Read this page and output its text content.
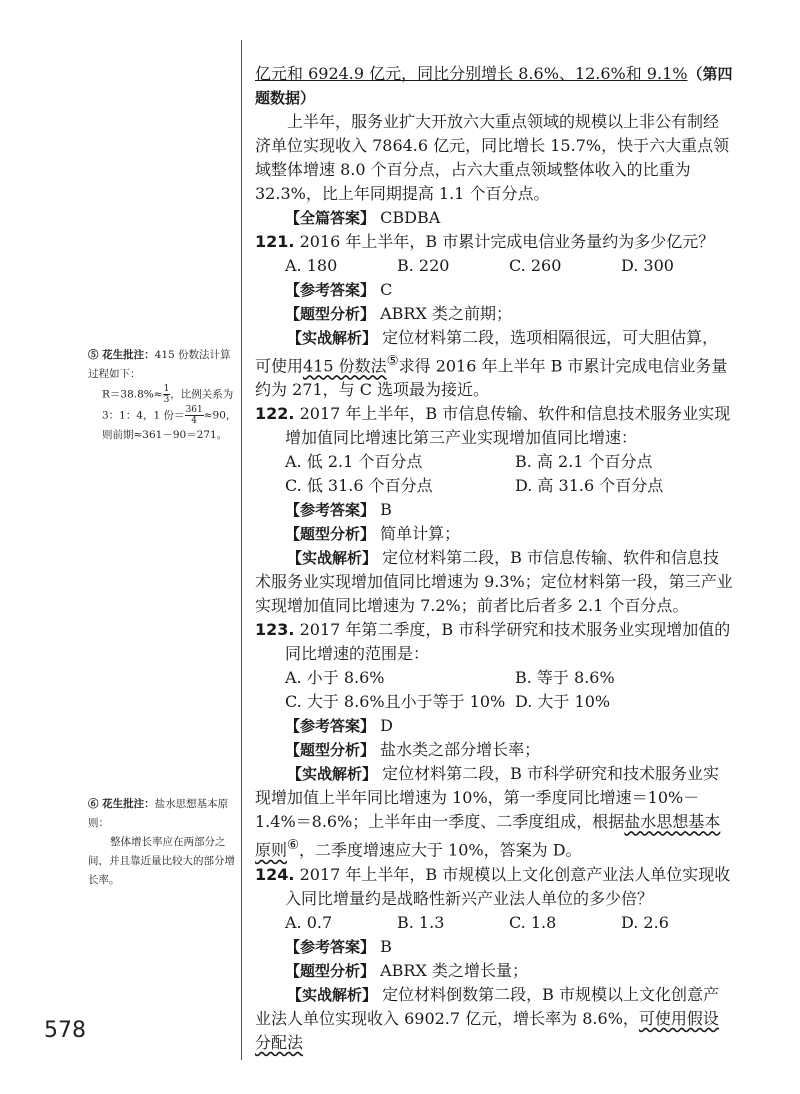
⑤ 花生批注：415 份数法计算过程如下：
$R=38.8\%\approx \frac{1}{3}$ ，比例关系为 3：1：4，1 份＝ $\frac{361}{4} \approx 90$，则前期≈361－90＝271。
⑥ 花生批注：盐水思想基本原则：
整体增长率应在两部分之间，并且靠近量比较大的部分增长率。

亿元和 6924.9 亿元，同比分别增长 8.6%、12.6%和 9.1%（第四题数据）

上半年，服务业扩大开放六大重点领域的规模以上非公有制经济单位实现收入 7864.6 亿元，同比增长 15.7%，快于六大重点领域整体增速 8.0 个百分点，占六大重点领域整体收入的比重为 32.3%，比上年同期提高 1.1 个百分点。

【全篇答案】 CBDBA

121. 2016 年上半年，B 市累计完成电信业务量约为多少亿元？

A. 180	B. 220	C. 260	D. 300

【参考答案】 C

【题型分析】 ABRX 类之前期；

【实战解析】 定位材料第二段，选项相隔很远，可大胆估算，可使用415 份数法⑤求得 2016 年上半年 B 市累计完成电信业务量约为 271，与 C 选项最为接近。

122. 2017 年上半年，B 市信息传输、软件和信息技术服务业实现增加值同比增速比第三产业实现增加值同比增速：

A. 低 2.1 个百分点	B. 高 2.1 个百分点
C. 低 31.6 个百分点	D. 高 31.6 个百分点

【参考答案】 B

【题型分析】 简单计算；

【实战解析】 定位材料第二段，B 市信息传输、软件和信息技术服务业实现增加值同比增速为 9.3%；定位材料第一段，第三产业实现增加值同比增速为 7.2%；前者比后者多 2.1 个百分点。

123. 2017 年第二季度，B 市科学研究和技术服务业实现增加值的同比增速的范围是：

A. 小于 8.6%	B. 等于 8.6%
C. 大于 8.6%且小于等于 10% D. 大于 10%

【参考答案】 D

【题型分析】 盐水类之部分增长率；

【实战解析】 定位材料第二段，B 市科学研究和技术服务业实现增加值上半年同比增速为 10%，第一季度同比增速＝10%－1.4%＝8.6%；上半年由一季度、二季度组成，根据盐水思想基本原则⑥，二季度增速应大于 10%，答案为 D。

124. 2017 年上半年，B 市规模以上文化创意产业法人单位实现收入同比增量约是战略性新兴产业法人单位的多少倍？

A. 0.7	B. 1.3	C. 1.8	D. 2.6

【参考答案】 B

【题型分析】 ABRX 类之增长量；

【实战解析】 定位材料倒数第二段，B 市规模以上文化创意产业法人单位实现收入 6902.7 亿元，增长率为 8.6%，可使用假设分配法

578
